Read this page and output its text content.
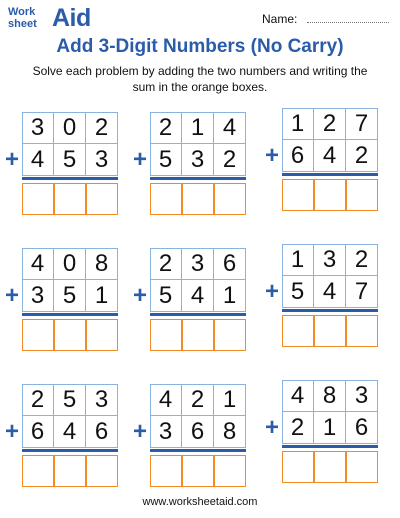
Work
sheet Aid	Name:
Add 3-Digit Numbers (No Carry)
Solve each problem by adding the two numbers and writing the sum in the orange boxes.
+
3 0 2
4 5 3	+
2 1 4
5 3 2	+
1 2 7
6 4 2
+
4 0 8
3 5 1	+
2 3 6
5 4 1	+
1 3 2
5 4 7
+
2 5 3
6 4 6	+
4 2 1
3 6 8	+
4 8 3
2 1 6
www.worksheetaid.com
